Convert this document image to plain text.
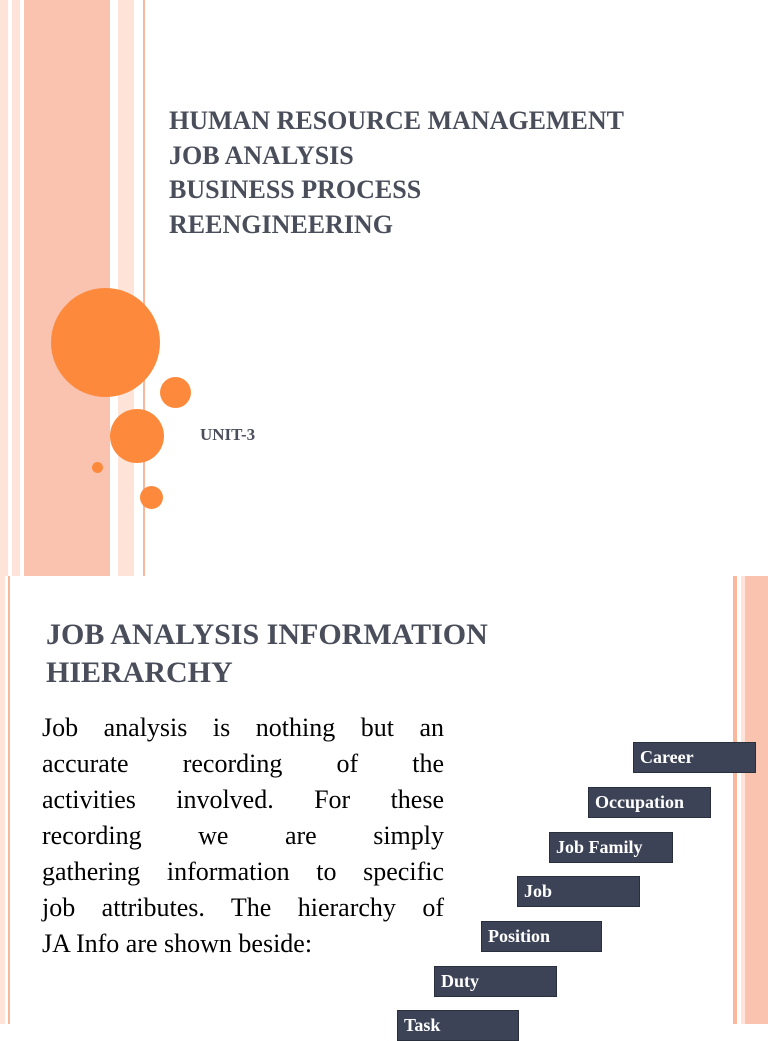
HUMAN RESOURCE MANAGEMENT
JOB ANALYSIS
BUSINESS PROCESS
REENGINEERING
UNIT-3
JOB ANALYSIS INFORMATION
HIERARCHY
Job analysis is nothing but an
accurate recording of the
activities involved. For these
recording we are simply
gathering information to specific
job attributes. The hierarchy of
JA Info are shown beside:
Career
Occupation
Job Family
Job
Position
Duty
Task
